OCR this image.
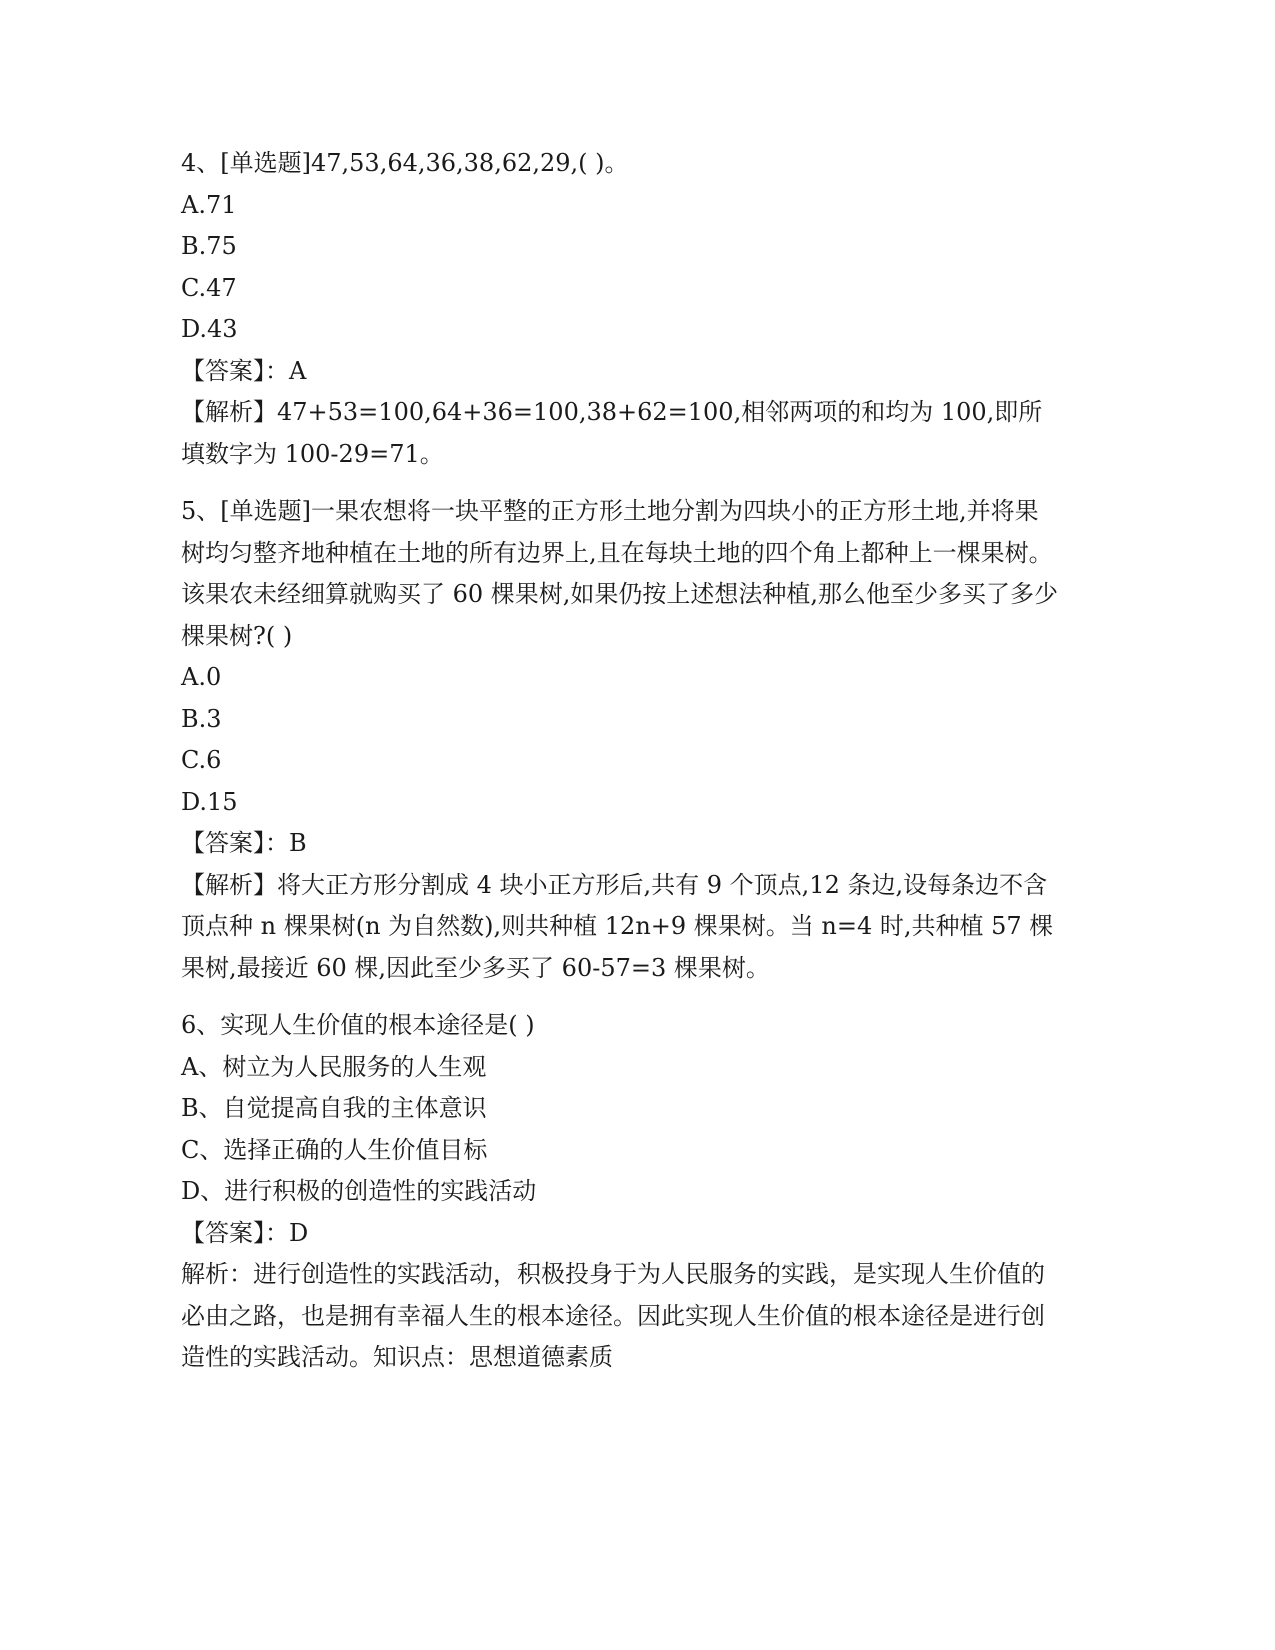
4、[单选题]47,53,64,36,38,62,29,( )。
A.71
B.75
C.47
D.43
【答案】：A
【解析】47+53=100,64+36=100,38+62=100,相邻两项的和均为 100,即所填数字为 100-29=71。
5、[单选题]一果农想将一块平整的正方形土地分割为四块小的正方形土地,并将果树均匀整齐地种植在土地的所有边界上,且在每块土地的四个角上都种上一棵果树。该果农未经细算就购买了 60 棵果树,如果仍按上述想法种植,那么他至少多买了多少棵果树?( )
A.0
B.3
C.6
D.15
【答案】：B
【解析】将大正方形分割成 4 块小正方形后,共有 9 个顶点,12 条边,设每条边不含顶点种 n 棵果树(n 为自然数),则共种植 12n+9 棵果树。当 n=4 时,共种植 57 棵果树,最接近 60 棵,因此至少多买了 60-57=3 棵果树。
6、实现人生价值的根本途径是( )
A、树立为人民服务的人生观
B、自觉提高自我的主体意识
C、选择正确的人生价值目标
D、进行积极的创造性的实践活动
【答案】：D
解析：进行创造性的实践活动，积极投身于为人民服务的实践，是实现人生价值的必由之路，也是拥有幸福人生的根本途径。因此实现人生价值的根本途径是进行创造性的实践活动。知识点：思想道德素质
